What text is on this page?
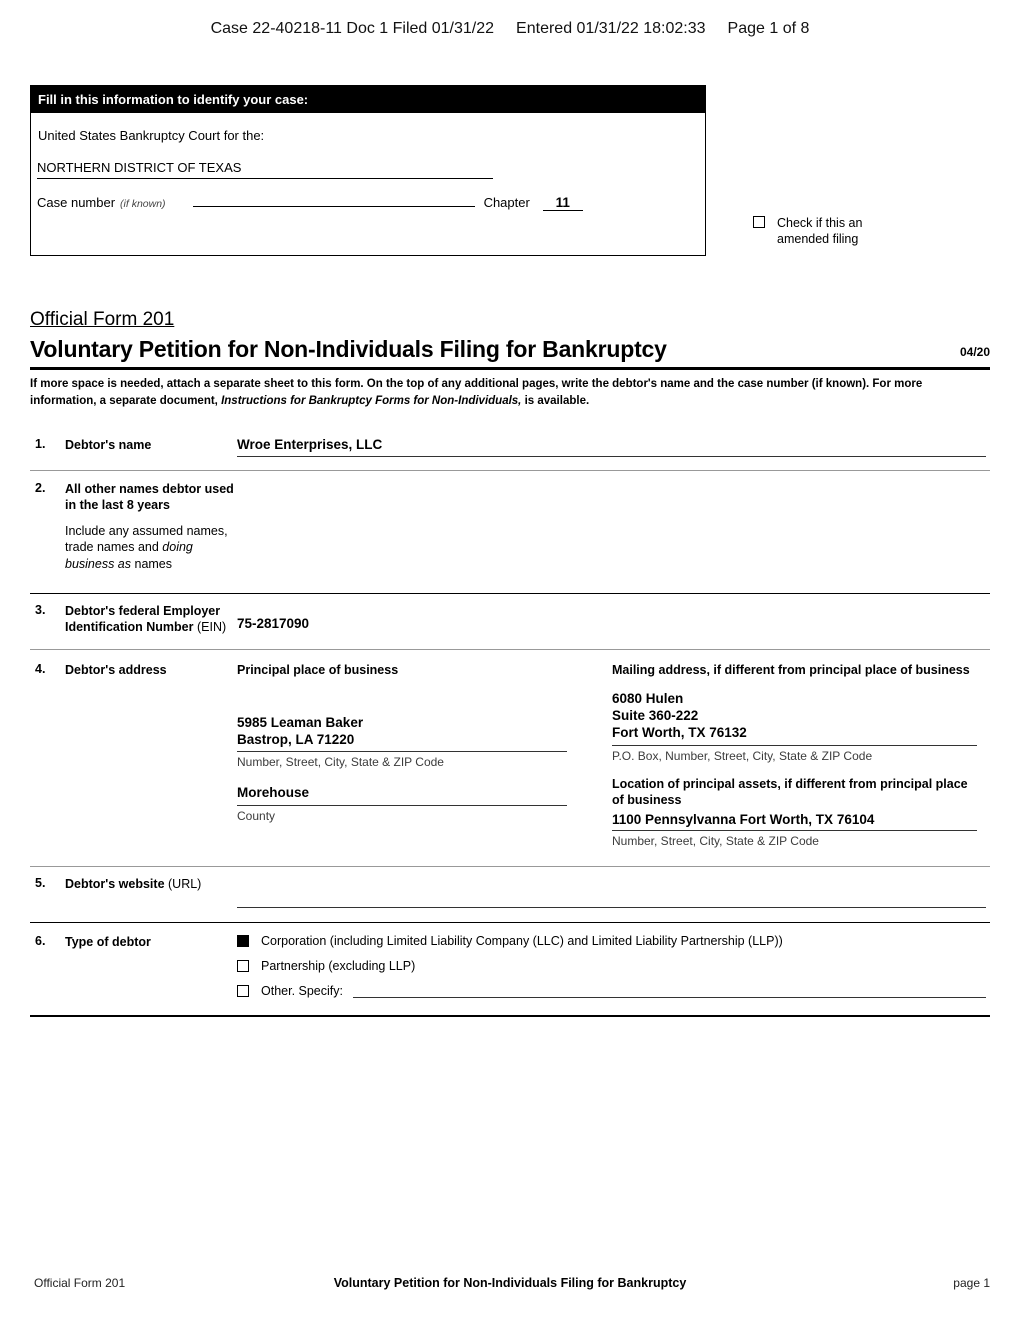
Case 22-40218-11 Doc 1 Filed 01/31/22 Entered 01/31/22 18:02:33 Page 1 of 8
Fill in this information to identify your case:
United States Bankruptcy Court for the:
NORTHERN DISTRICT OF TEXAS
Case number (if known)	Chapter	11
Check if this an amended filing
Official Form 201
Voluntary Petition for Non-Individuals Filing for Bankruptcy	04/20
If more space is needed, attach a separate sheet to this form. On the top of any additional pages, write the debtor's name and the case number (if known). For more information, a separate document, Instructions for Bankruptcy Forms for Non-Individuals, is available.
1.	Debtor's name	Wroe Enterprises, LLC
2.	All other names debtor used in the last 8 years
Include any assumed names, trade names and doing business as names
3.	Debtor's federal Employer Identification Number (EIN) 75-2817090
4.	Debtor's address	Principal place of business
5985 Leaman Baker
Bastrop, LA 71220
Number, Street, City, State & ZIP Code
Morehouse
County
Mailing address, if different from principal place of business
6080 Hulen
Suite 360-222
Fort Worth, TX 76132
P.O. Box, Number, Street, City, State & ZIP Code
Location of principal assets, if different from principal place of business
1100 Pennsylvanna Fort Worth, TX 76104
Number, Street, City, State & ZIP Code
5.	Debtor's website (URL)
6.	Type of debtor	Corporation (including Limited Liability Company (LLC) and Limited Liability Partnership (LLP))
Partnership (excluding LLP)
Other. Specify:
Official Form 201	Voluntary Petition for Non-Individuals Filing for Bankruptcy	page 1
